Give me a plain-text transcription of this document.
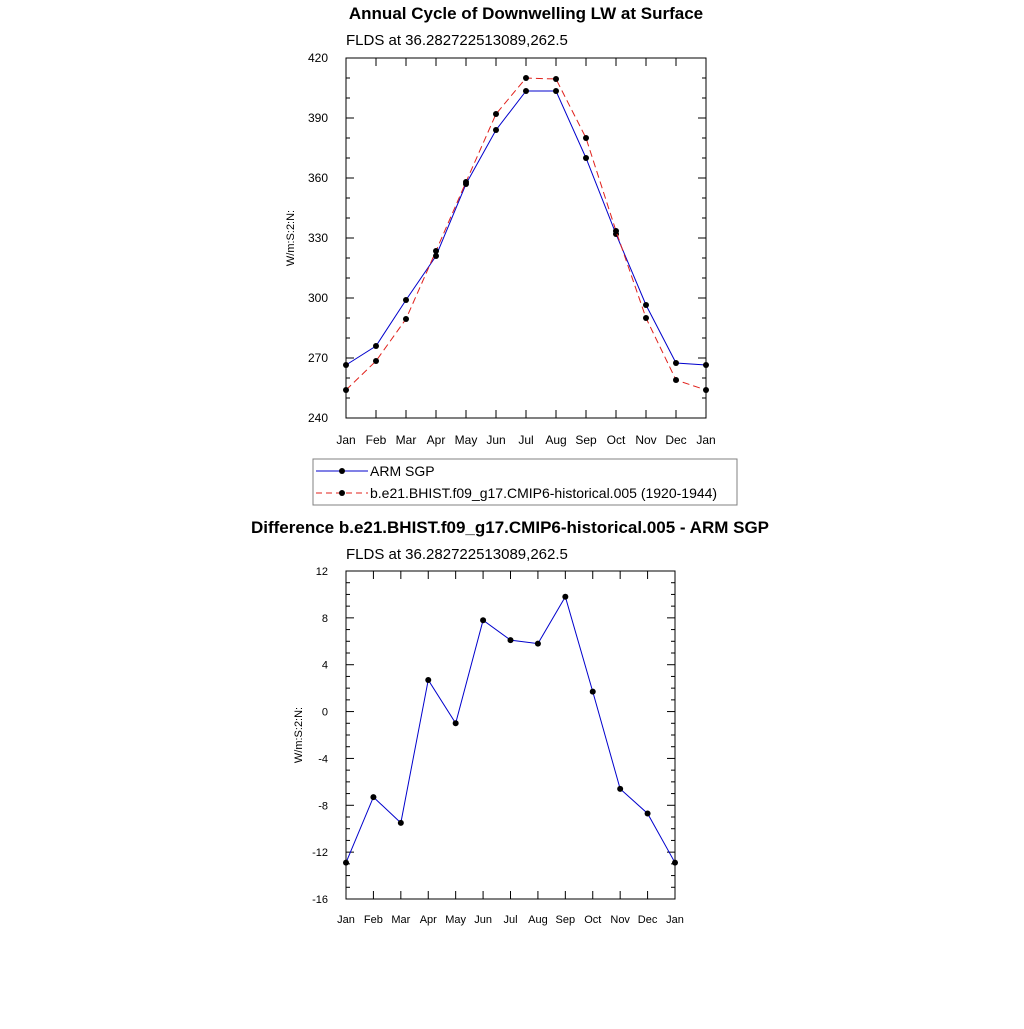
Annual Cycle of Downwelling LW at Surface
FLDS at 36.282722513089,262.5
W/m:S:2:N:
Jan Feb Mar Apr May Jun Jul Aug Sep Oct Nov Dec Jan
240
270
300
330
360
390
420
ARM SGP
b.e21.BHIST.f09_g17.CMIP6-historical.005 (1920-1944)
Difference b.e21.BHIST.f09_g17.CMIP6-historical.005 - ARM SGP
FLDS at 36.282722513089,262.5
W/m:S:2:N:
Jan Feb Mar Apr May Jun Jul Aug Sep Oct Nov Dec Jan
-16
-12
-8
-4
0
4
8
12
